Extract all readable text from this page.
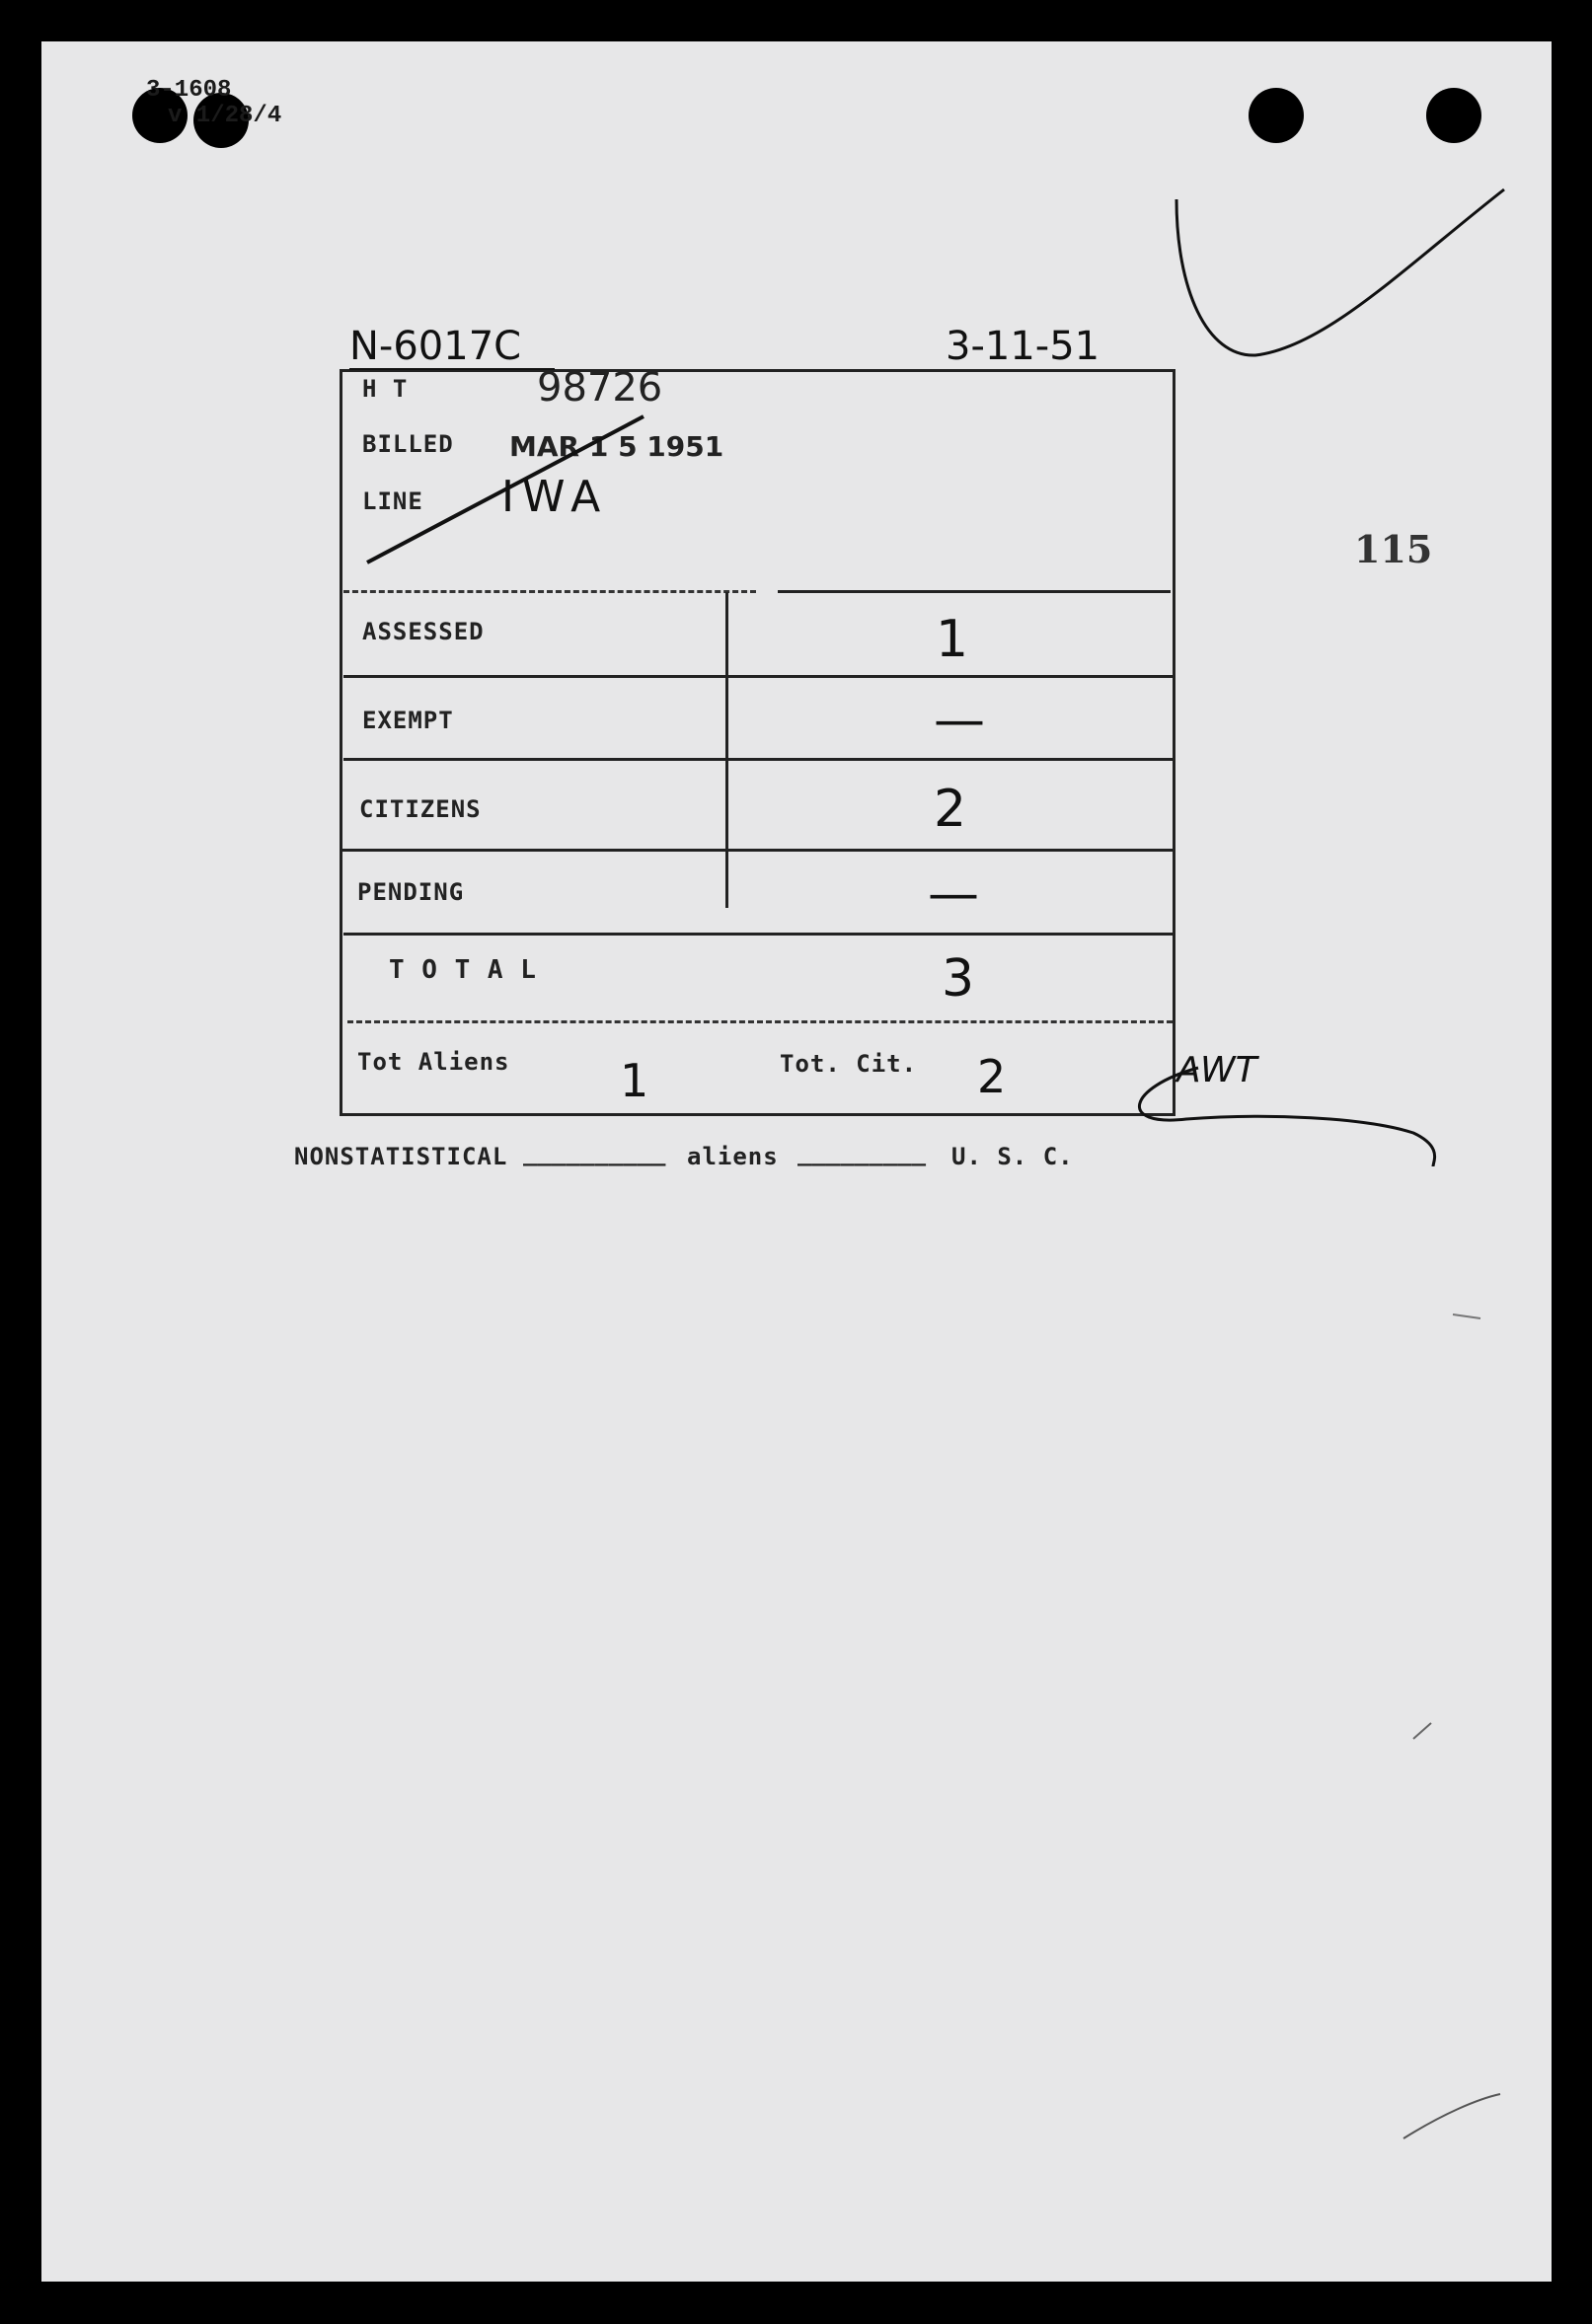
3-1608
v 1/28/4
115
N-6017C	3-11-51
H T	98726
BILLED MAR 1 5 1951
LINE IWA
ASSESSED	1
EXEMPT	—
CITIZENS	2
PENDING	—
T O T A L	3
Tot Aliens 1	Tot. Cit. 2	AWT
NONSTATISTICAL __________ aliens _________ U. S. C.
